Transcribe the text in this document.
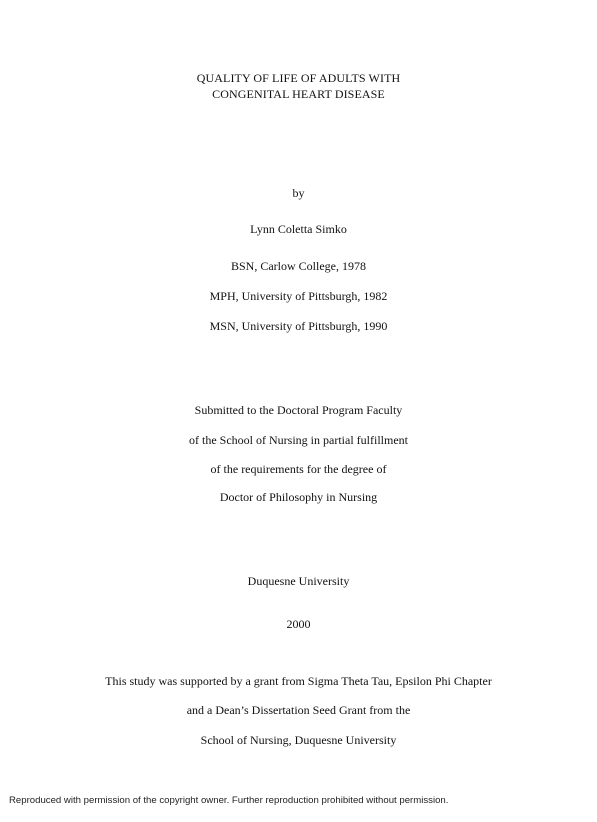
QUALITY OF LIFE OF ADULTS WITH
CONGENITAL HEART DISEASE
by
Lynn Coletta Simko
BSN, Carlow College, 1978
MPH, University of Pittsburgh, 1982
MSN, University of Pittsburgh, 1990
Submitted to the Doctoral Program Faculty
of the School of Nursing in partial fulfillment
of the requirements for the degree of
Doctor of Philosophy in Nursing
Duquesne University
2000
This study was supported by a grant from Sigma Theta Tau, Epsilon Phi Chapter
and a Dean’s Dissertation Seed Grant from the
School of Nursing, Duquesne University
Reproduced with permission of the copyright owner. Further reproduction prohibited without permission.
